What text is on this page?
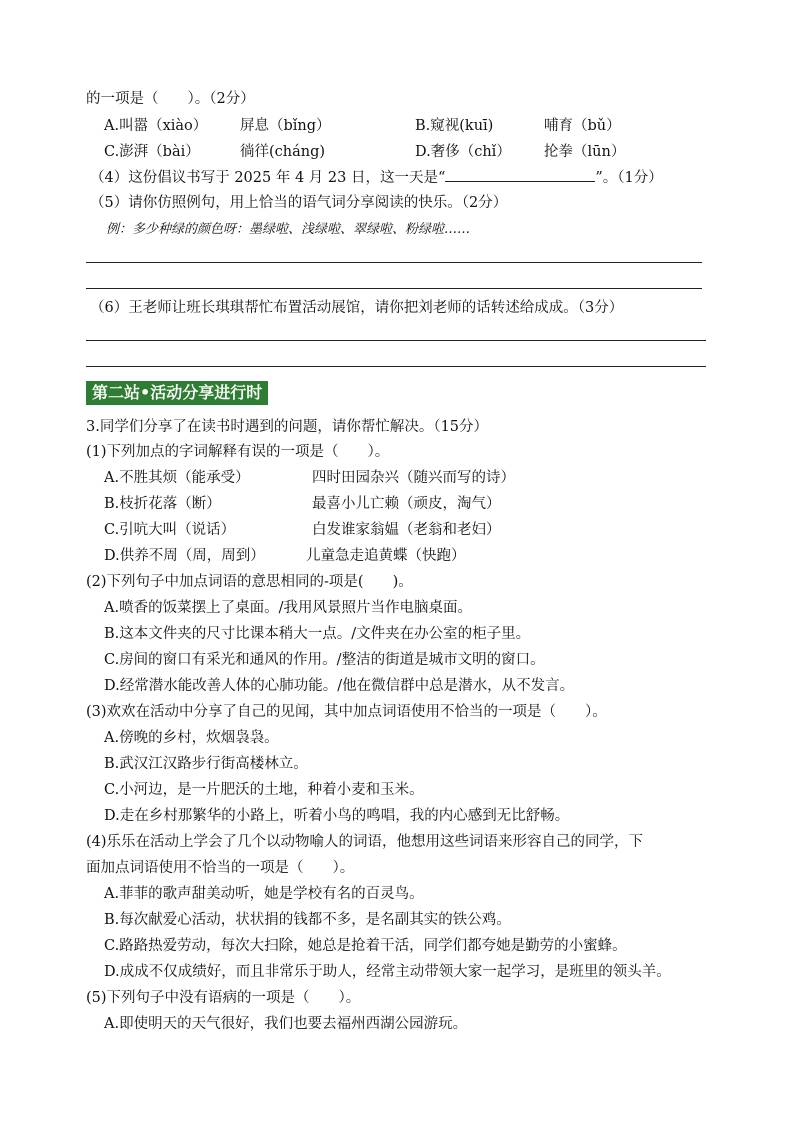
的一项是（　　）。（2分）
A.叫嚣（xiào） 屏息（bǐng）	B.窥视(kuī)	哺育（bǔ）
C.澎湃（bài）	徜徉(cháng)	D.奢侈（chǐ） 抡拳（lūn）
（4）这份倡议书写于 2025 年 4 月 23 日，这一天是“	”。（1分）
（5）请你仿照例句，用上恰当的语气词分享阅读的快乐。（2分）
例：多少种绿的颜色呀：墨绿啦、浅绿啦、翠绿啦、粉绿啦……
（6）王老师让班长琪琪帮忙布置活动展馆，请你把刘老师的话转述给成成。（3分）
第二站•活动分享进行时
3.同学们分享了在读书时遇到的问题，请你帮忙解决。（15分）
(1)下列加点的字词解释有误的一项是（　　）。
A.不胜其烦（能承受）	四时田园杂兴（随兴而写的诗）
B.枝折花落（断）	最喜小儿亡赖（顽皮，淘气）
C.引吭大叫（说话）	白发谁家翁媪（老翁和老妇）
D.供养不周（周，周到）	儿童急走追黄蝶（快跑）
(2)下列句子中加点词语的意思相同的-项是(　　)。
A.喷香的饭菜摆上了桌面。/我用风景照片当作电脑桌面。
B.这本文件夹的尺寸比课本稍大一点。/文件夹在办公室的柜子里。
C.房间的窗口有采光和通风的作用。/整洁的街道是城市文明的窗口。
D.经常潜水能改善人体的心肺功能。/他在微信群中总是潜水，从不发言。
(3)欢欢在活动中分享了自己的见闻，其中加点词语使用不恰当的一项是（　　）。
A.傍晚的乡村，炊烟袅袅。
B.武汉江汉路步行街高楼林立。
C.小河边，是一片肥沃的土地，种着小麦和玉米。
D.走在乡村那繁华的小路上，听着小鸟的鸣唱，我的内心感到无比舒畅。
(4)乐乐在活动上学会了几个以动物喻人的词语，他想用这些词语来形容自己的同学，下
面加点词语使用不恰当的一项是（　　）。
A.菲菲的歌声甜美动听，她是学校有名的百灵鸟。
B.每次献爱心活动，状状捐的钱都不多，是名副其实的铁公鸡。
C.路路热爱劳动，每次大扫除，她总是抢着干活，同学们都夸她是勤劳的小蜜蜂。
D.成成不仅成绩好，而且非常乐于助人，经常主动带领大家一起学习，是班里的领头羊。
(5)下列句子中没有语病的一项是（　　）。
A.即使明天的天气很好，我们也要去福州西湖公园游玩。
